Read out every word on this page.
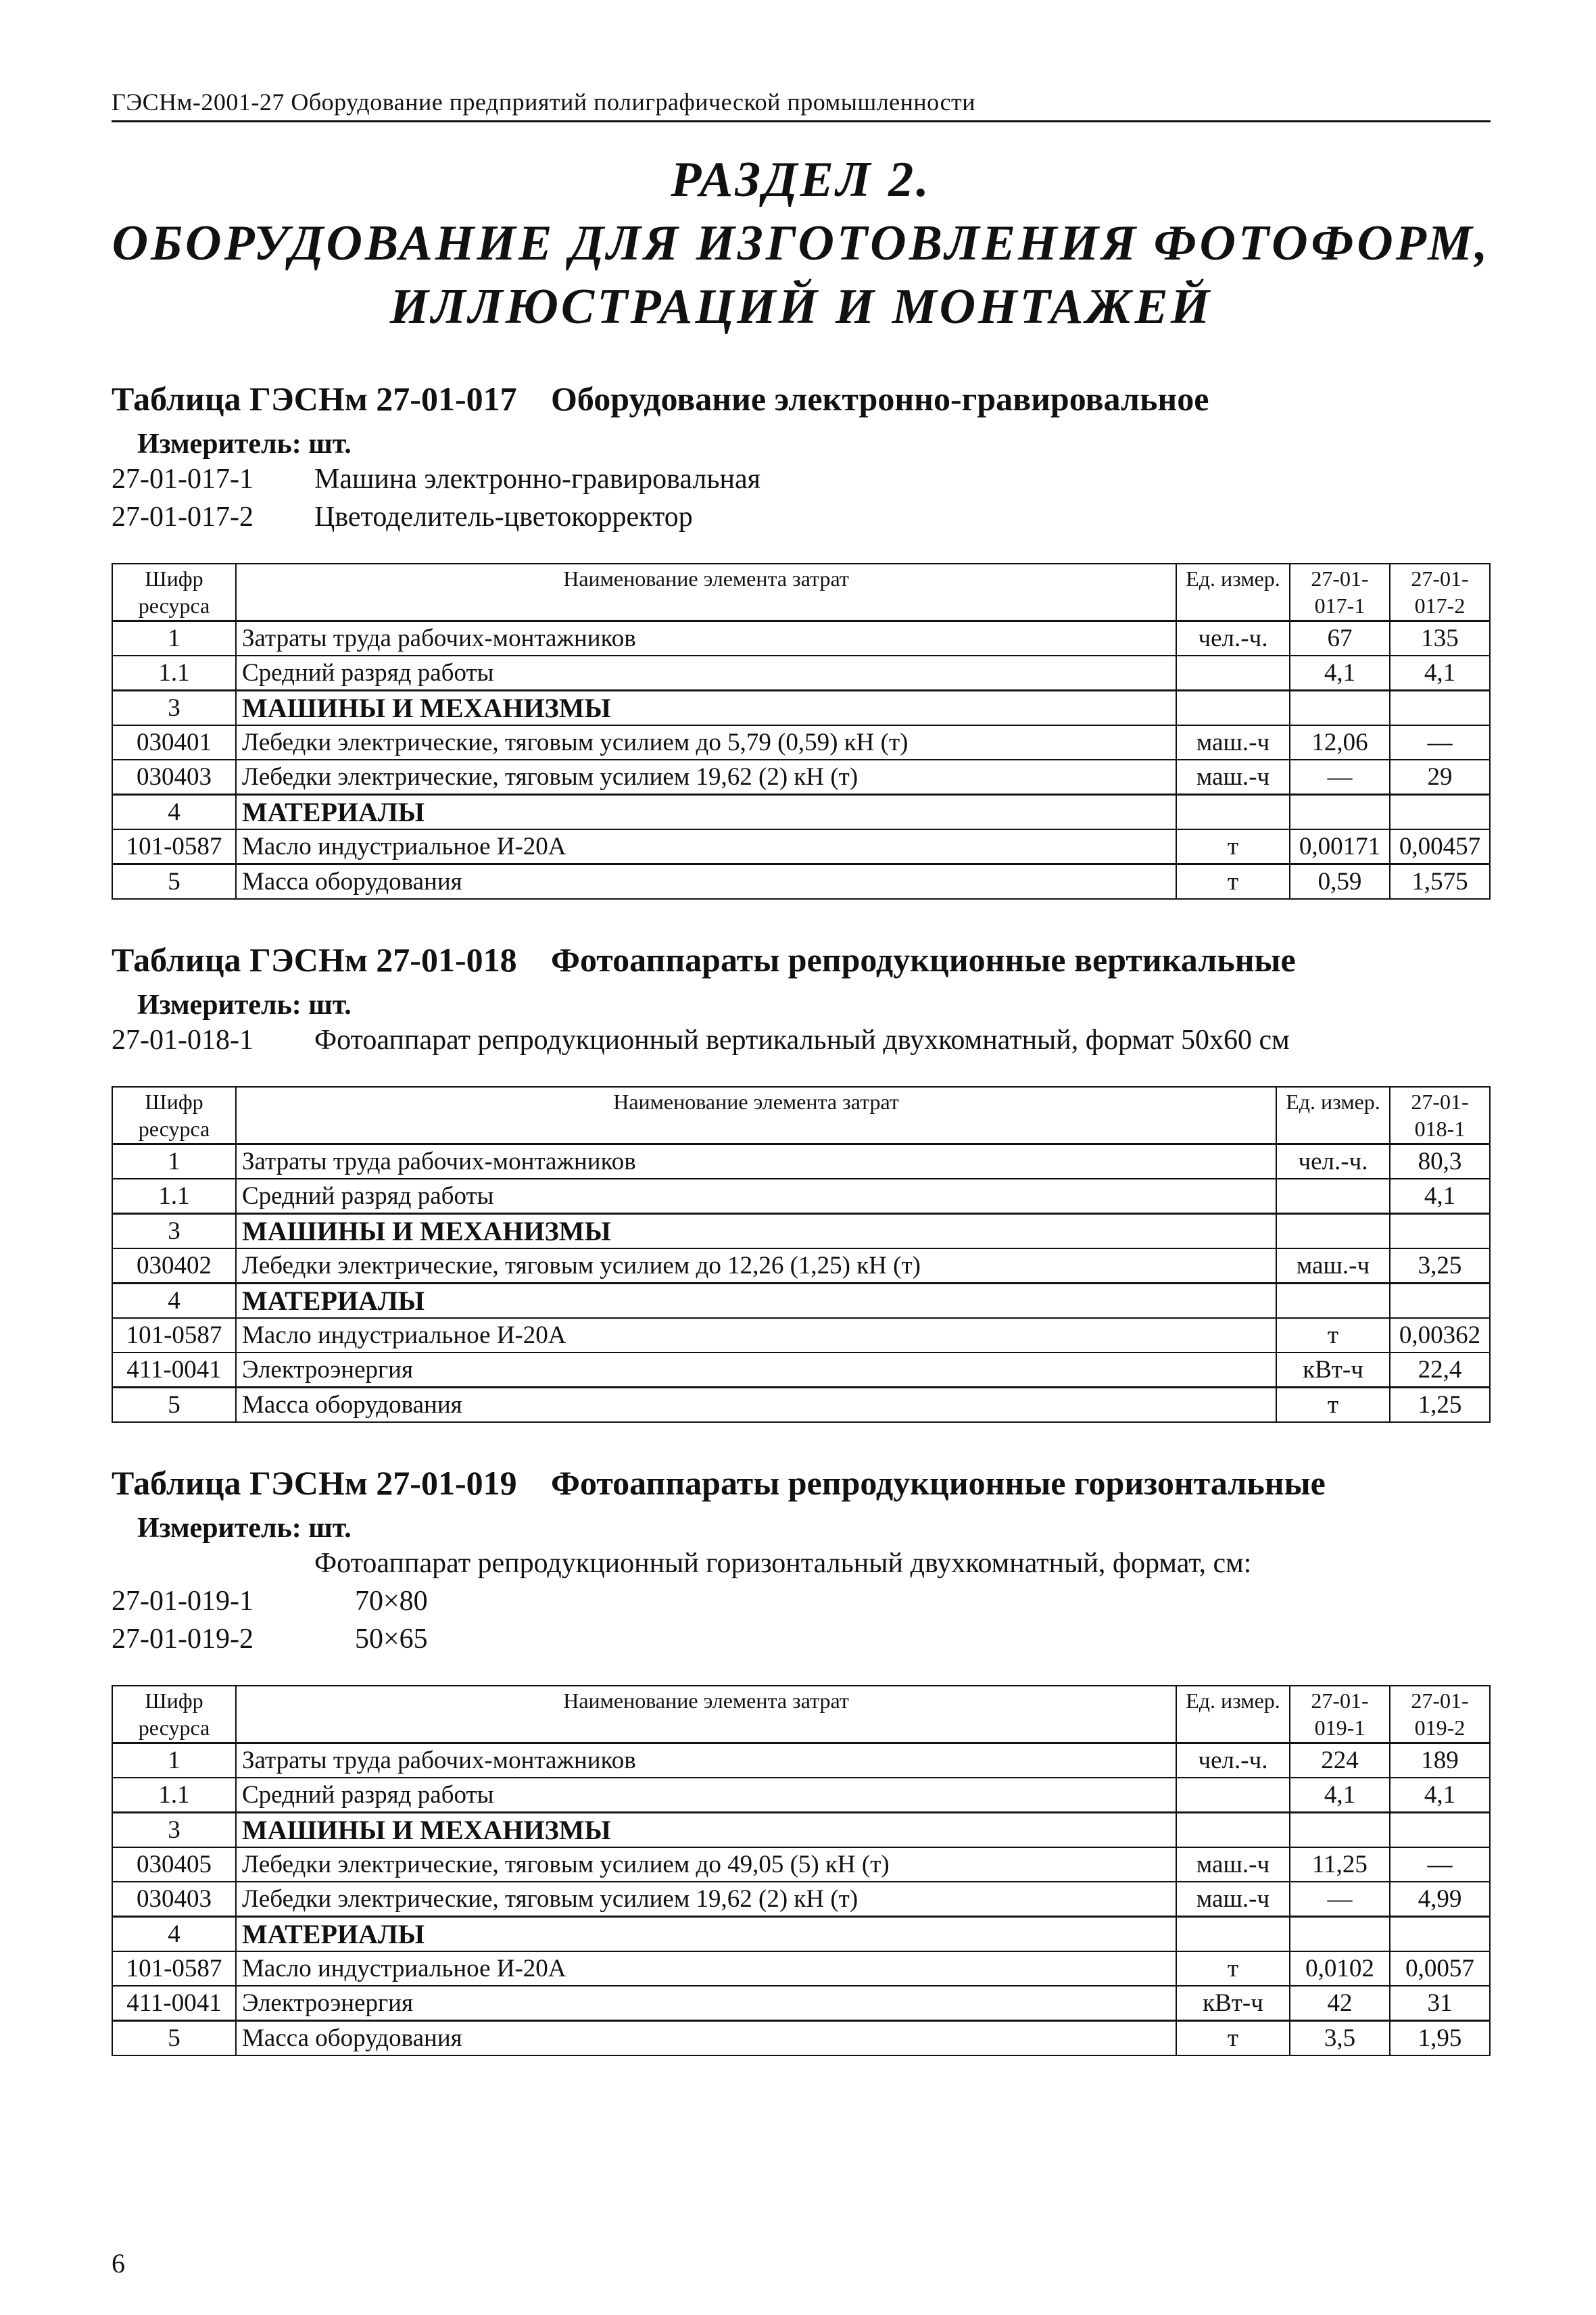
ГЭСНм-2001-27 Оборудование предприятий полиграфической промышленности
РАЗДЕЛ 2.
ОБОРУДОВАНИЕ ДЛЯ ИЗГОТОВЛЕНИЯ ФОТОФОРМ,
ИЛЛЮСТРАЦИЙ И МОНТАЖЕЙ
Таблица ГЭСНм 27-01-017	Оборудование электронно-гравировальное
Измеритель: шт.
27-01-017-1	Машина электронно-гравировальная
27-01-017-2	Цветоделитель-цветокорректор
Шифр ресурса	Наименование элемента затрат	Ед. измер.	27-01-017-1	27-01-017-2
1	Затраты труда рабочих-монтажников	чел.-ч.	67	135
1.1	Средний разряд работы		4,1	4,1
3	МАШИНЫ И МЕХАНИЗМЫ			
030401	Лебедки электрические, тяговым усилием до 5,79 (0,59) кН (т)	маш.-ч	12,06	—
030403	Лебедки электрические, тяговым усилием 19,62 (2) кН (т)	маш.-ч	—	29
4	МАТЕРИАЛЫ			
101-0587	Масло индустриальное И-20А	т	0,00171	0,00457
5	Масса оборудования	т	0,59	1,575
Таблица ГЭСНм 27-01-018	Фотоаппараты репродукционные вертикальные
Измеритель: шт.
27-01-018-1	Фотоаппарат репродукционный вертикальный двухкомнатный, формат 50х60 см
Шифр ресурса	Наименование элемента затрат	Ед. измер.	27-01-018-1
1	Затраты труда рабочих-монтажников	чел.-ч.	80,3
1.1	Средний разряд работы		4,1
3	МАШИНЫ И МЕХАНИЗМЫ		
030402	Лебедки электрические, тяговым усилием до 12,26 (1,25) кН (т)	маш.-ч	3,25
4	МАТЕРИАЛЫ		
101-0587	Масло индустриальное И-20А	т	0,00362
411-0041	Электроэнергия	кВт-ч	22,4
5	Масса оборудования	т	1,25
Таблица ГЭСНм 27-01-019	Фотоаппараты репродукционные горизонтальные
Измеритель: шт.
Фотоаппарат репродукционный горизонтальный двухкомнатный, формат, см:
27-01-019-1	70×80
27-01-019-2	50×65
Шифр ресурса	Наименование элемента затрат	Ед. измер.	27-01-019-1	27-01-019-2
1	Затраты труда рабочих-монтажников	чел.-ч.	224	189
1.1	Средний разряд работы		4,1	4,1
3	МАШИНЫ И МЕХАНИЗМЫ			
030405	Лебедки электрические, тяговым усилием до 49,05 (5) кН (т)	маш.-ч	11,25	—
030403	Лебедки электрические, тяговым усилием 19,62 (2) кН (т)	маш.-ч	—	4,99
4	МАТЕРИАЛЫ			
101-0587	Масло индустриальное И-20А	т	0,0102	0,0057
411-0041	Электроэнергия	кВт-ч	42	31
5	Масса оборудования	т	3,5	1,95
6
